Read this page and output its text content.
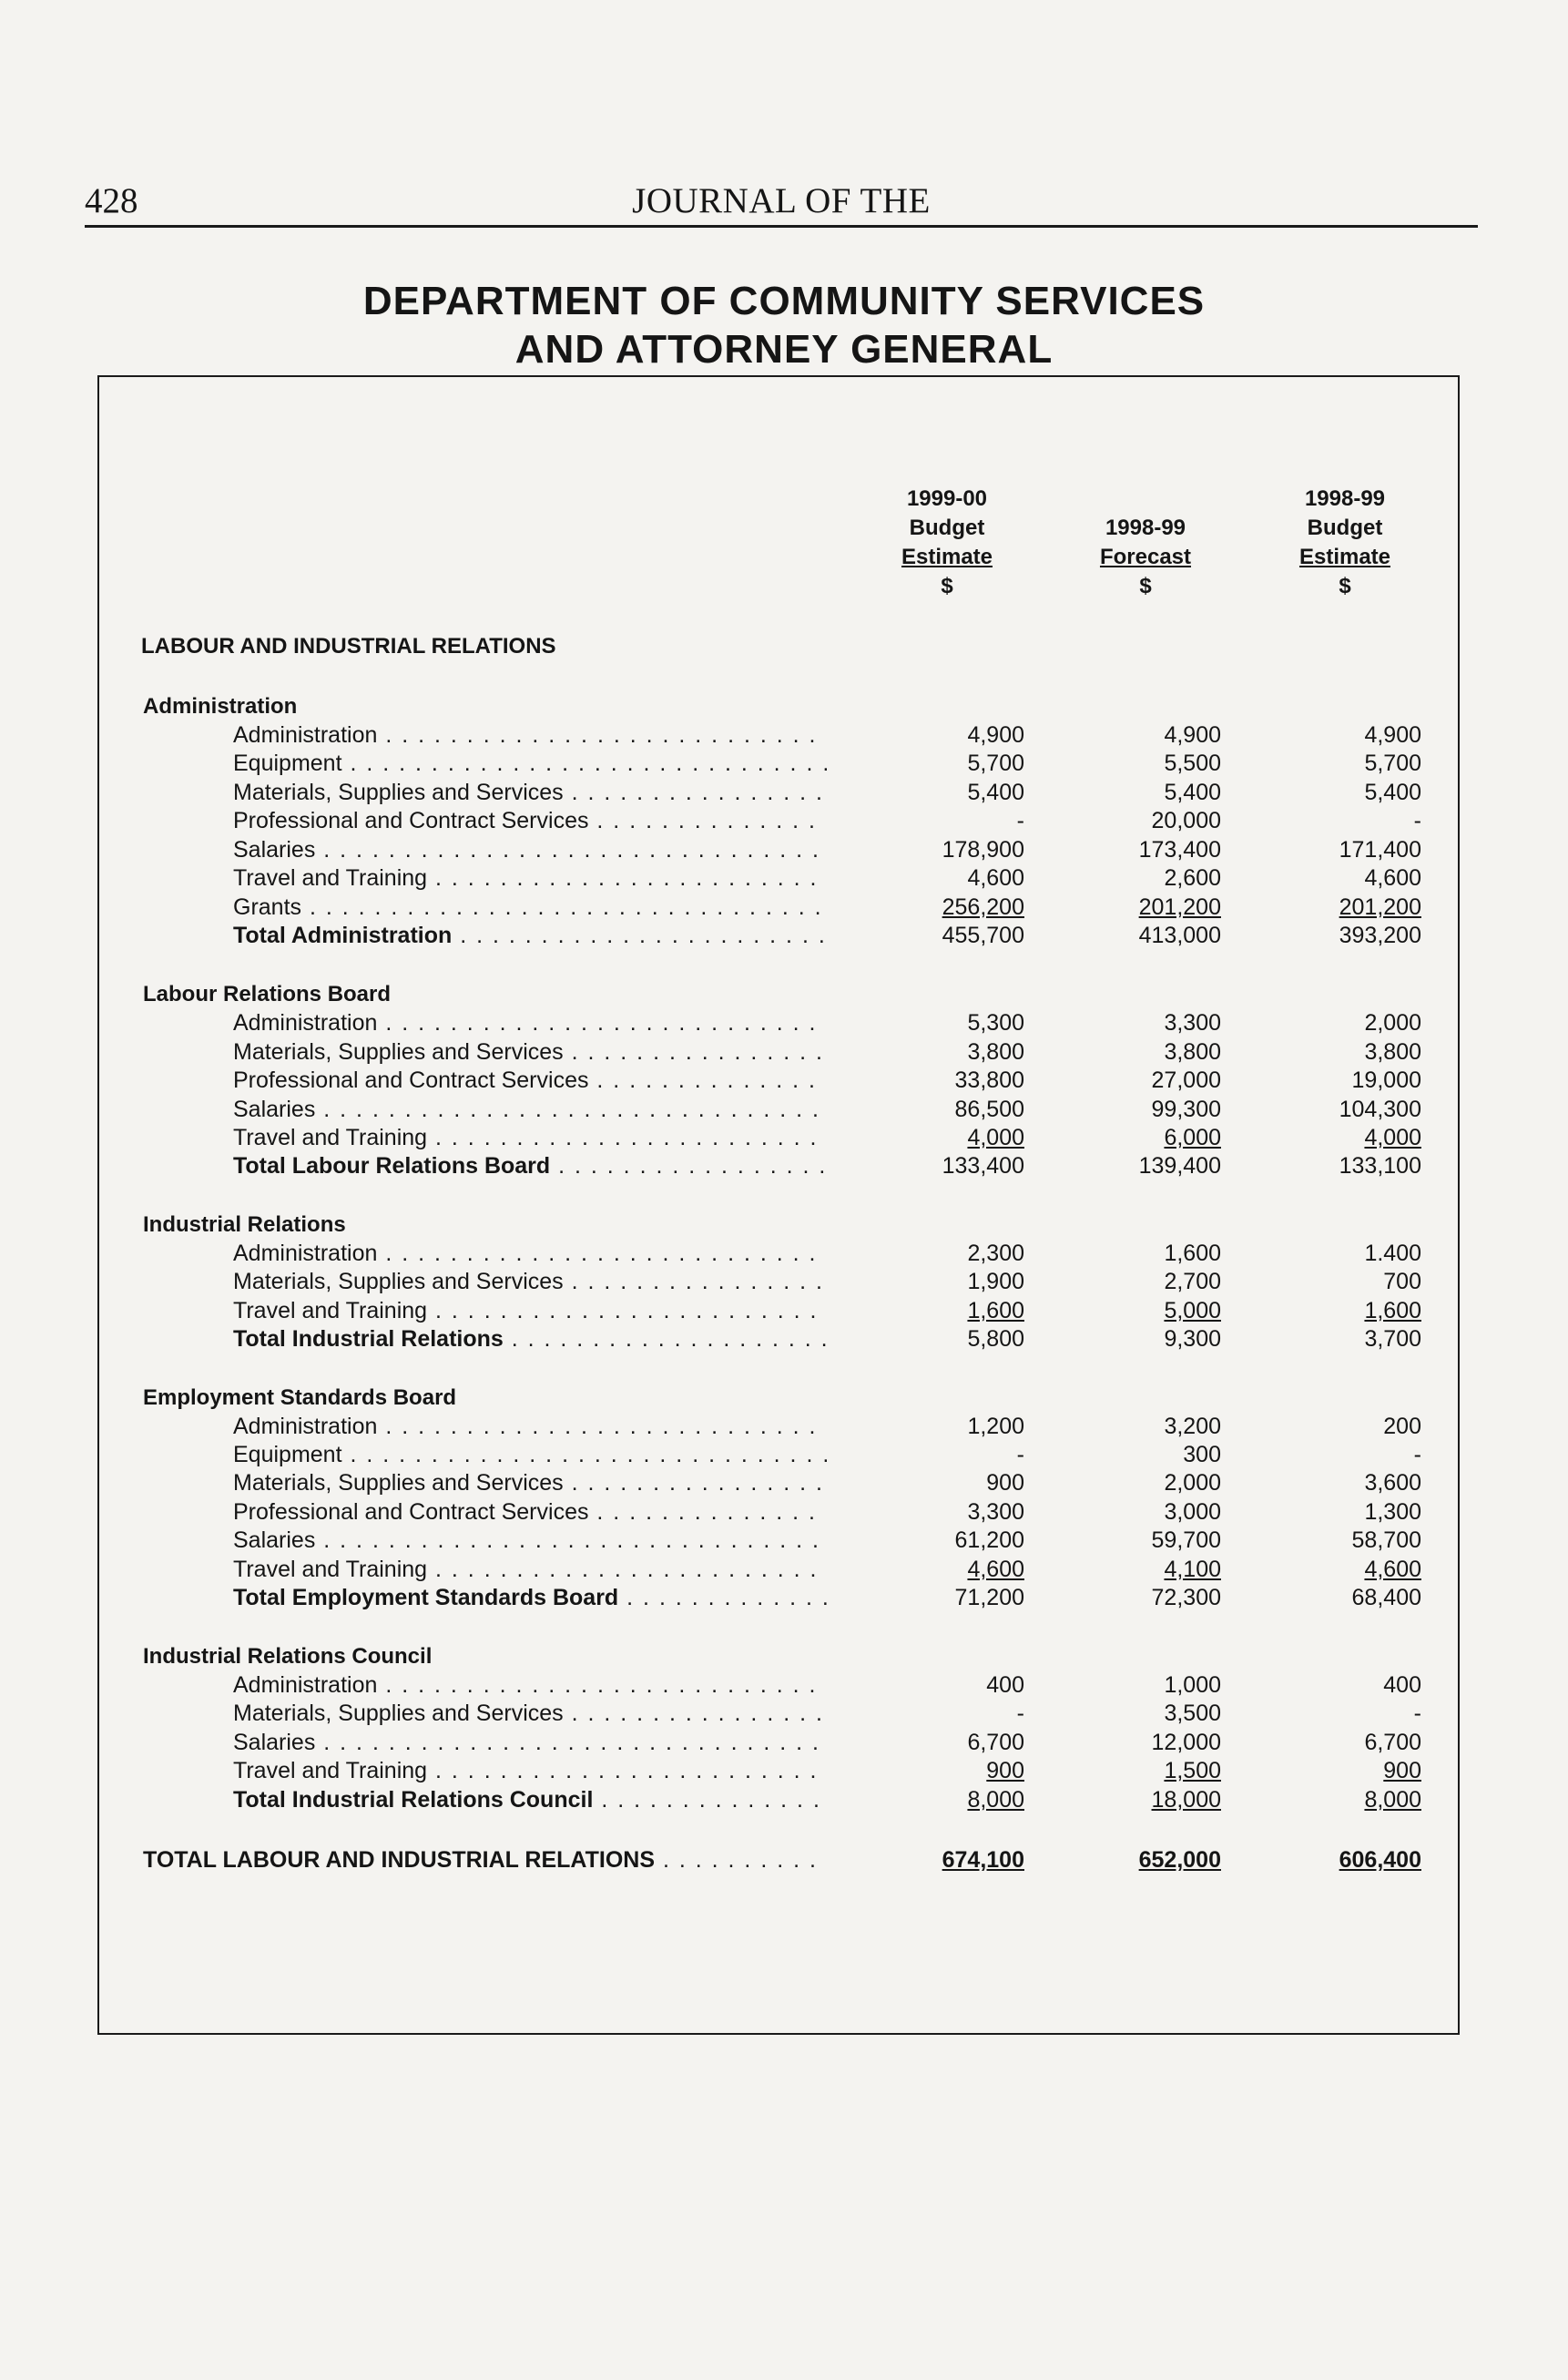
428	JOURNAL OF THE
DEPARTMENT OF COMMUNITY SERVICES
AND ATTORNEY GENERAL
1999-00
Budget
Estimate
$

1998-99
Forecast
$
1998-99
Budget
Estimate
$
LABOUR AND INDUSTRIAL RELATIONS
Administration
Administration . . .	4,900	4,900	4,900
Equipment . . .	5,700	5,500	5,700
Materials, Supplies and Services . . .	5,400	5,400	5,400
Professional and Contract Services . . .	-	20,000	-
Salaries . . .	178,900	173,400	171,400
Travel and Training . . .	4,600	2,600	4,600
Grants . . .	256,200	201,200	201,200
Total Administration . . .	455,700	413,000	393,200
Labour Relations Board
Administration . . .	5,300	3,300	2,000
Materials, Supplies and Services . . .	3,800	3,800	3,800
Professional and Contract Services . . .	33,800	27,000	19,000
Salaries . . .	86,500	99,300	104,300
Travel and Training . . .	4,000	6,000	4,000
Total Labour Relations Board . . .	133,400	139,400	133,100
Industrial Relations
Administration . . .	2,300	1,600	1.400
Materials, Supplies and Services . . .	1,900	2,700	700
Travel and Training . . .	1,600	5,000	1,600
Total Industrial Relations . . .	5,800	9,300	3,700
Employment Standards Board
Administration . . .	1,200	3,200	200
Equipment . . .	-	300	-
Materials, Supplies and Services . . .	900	2,000	3,600
Professional and Contract Services . . .	3,300	3,000	1,300
Salaries . . .	61,200	59,700	58,700
Travel and Training . . .	4,600	4,100	4,600
Total Employment Standards Board . . .	71,200	72,300	68,400
Industrial Relations Council
Administration . . .	400	1,000	400
Materials, Supplies and Services . . .	-	3,500	-
Salaries . . .	6,700	12,000	6,700
Travel and Training . . .	900	1,500	900
Total Industrial Relations Council . . .	8,000	18,000	8,000
TOTAL LABOUR AND INDUSTRIAL RELATIONS . . .	674,100	652,000	606,400
